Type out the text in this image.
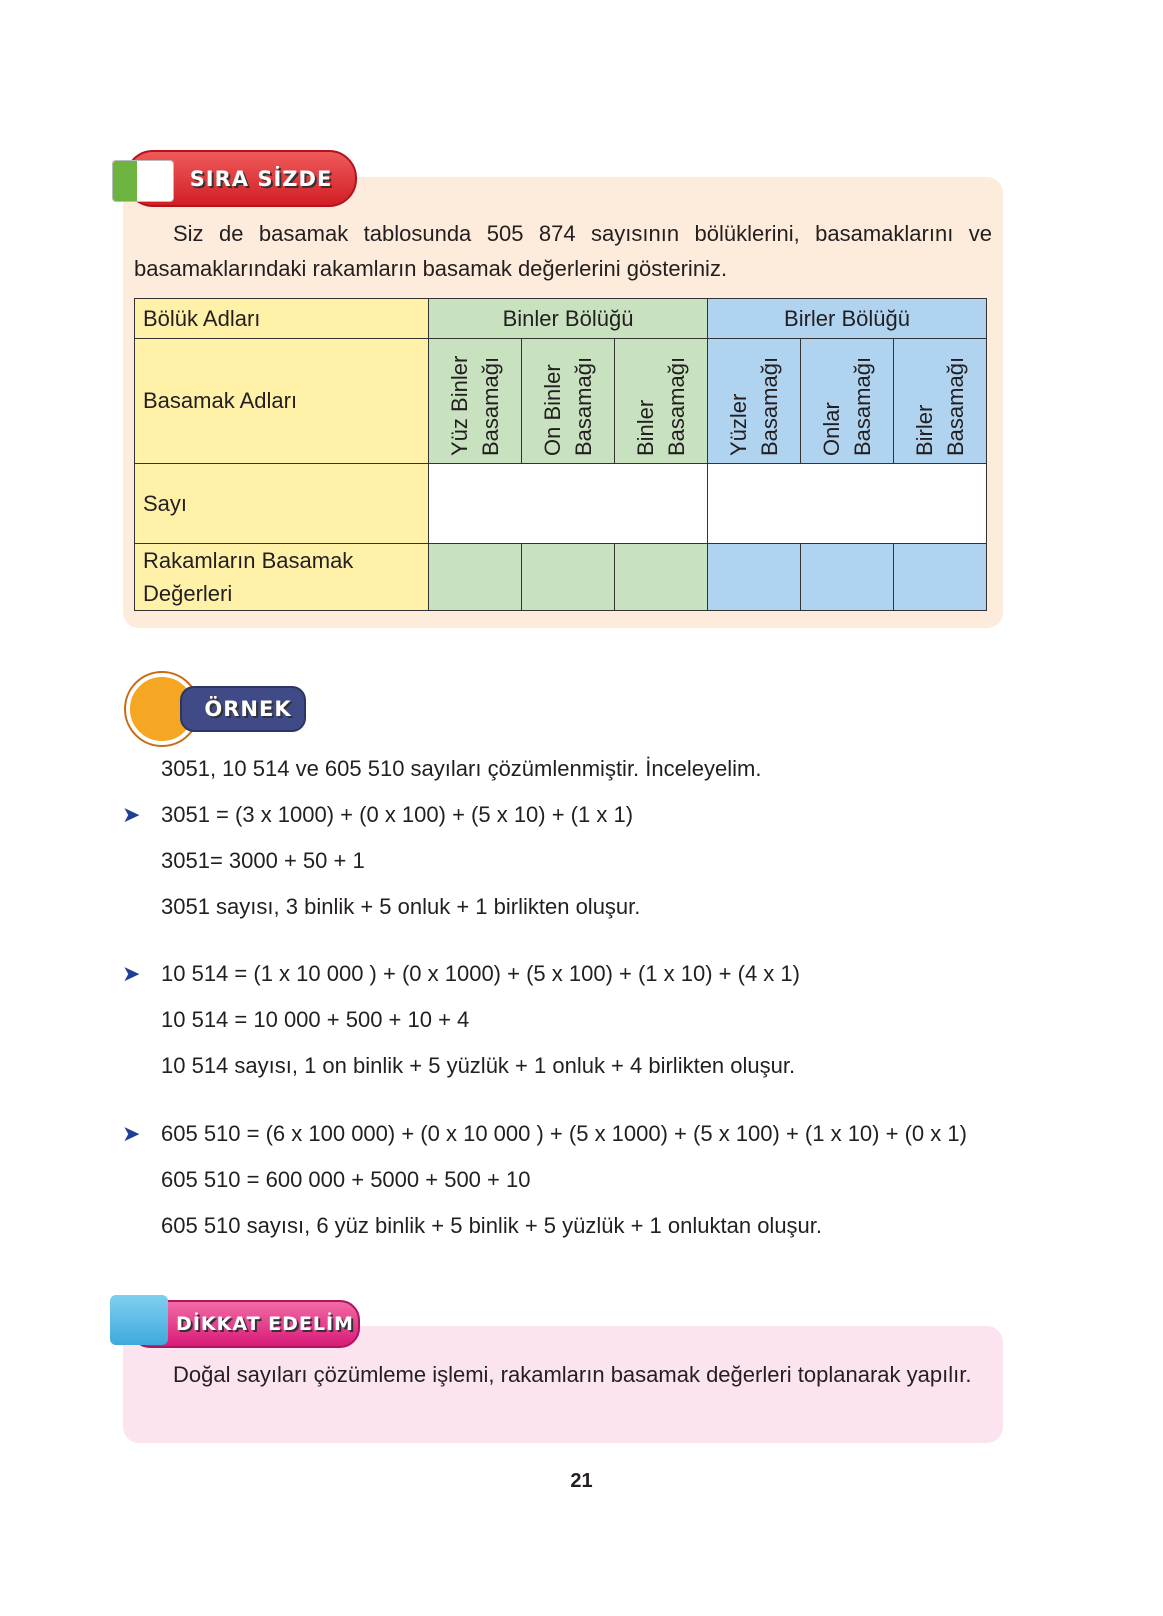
SIRA SİZDE
Siz de basamak tablosunda 505 874 sayısının bölüklerini, basamaklarını ve basamaklarındaki rakamların basamak değerlerini gösteriniz.
Bölük Adları	Binler Bölüğü			Birler Bölüğü		
Basamak Adları	Yüz Binler Basamağı	On Binler Basamağı	Binler Basamağı	Yüzler Basamağı	Onlar Basamağı	Birler Basamağı

Sayı						
Rakamların Basamak Değerleri						
ÖRNEK
3051, 10 514 ve 605 510 sayıları çözümlenmiştir. İnceleyelim.
➤ 3051 = (3 x 1000) + (0 x 100) + (5 x 10) + (1 x 1)
3051= 3000 + 50 + 1
3051 sayısı, 3 binlik + 5 onluk + 1 birlikten oluşur.
➤ 10 514 = (1 x 10 000 ) + (0 x 1000) + (5 x 100) + (1 x 10) + (4 x 1)
10 514 = 10 000 + 500 + 10 + 4
10 514 sayısı, 1 on binlik + 5 yüzlük + 1 onluk + 4 birlikten oluşur.
➤ 605 510 = (6 x 100 000) + (0 x 10 000 ) + (5 x 1000) + (5 x 100) + (1 x 10) + (0 x 1)
605 510 = 600 000 + 5000 + 500 + 10
605 510 sayısı, 6 yüz binlik + 5 binlik + 5 yüzlük + 1 onluktan oluşur.
DİKKAT EDELİM
Doğal sayıları çözümleme işlemi, rakamların basamak değerleri toplanarak yapılır.
21
